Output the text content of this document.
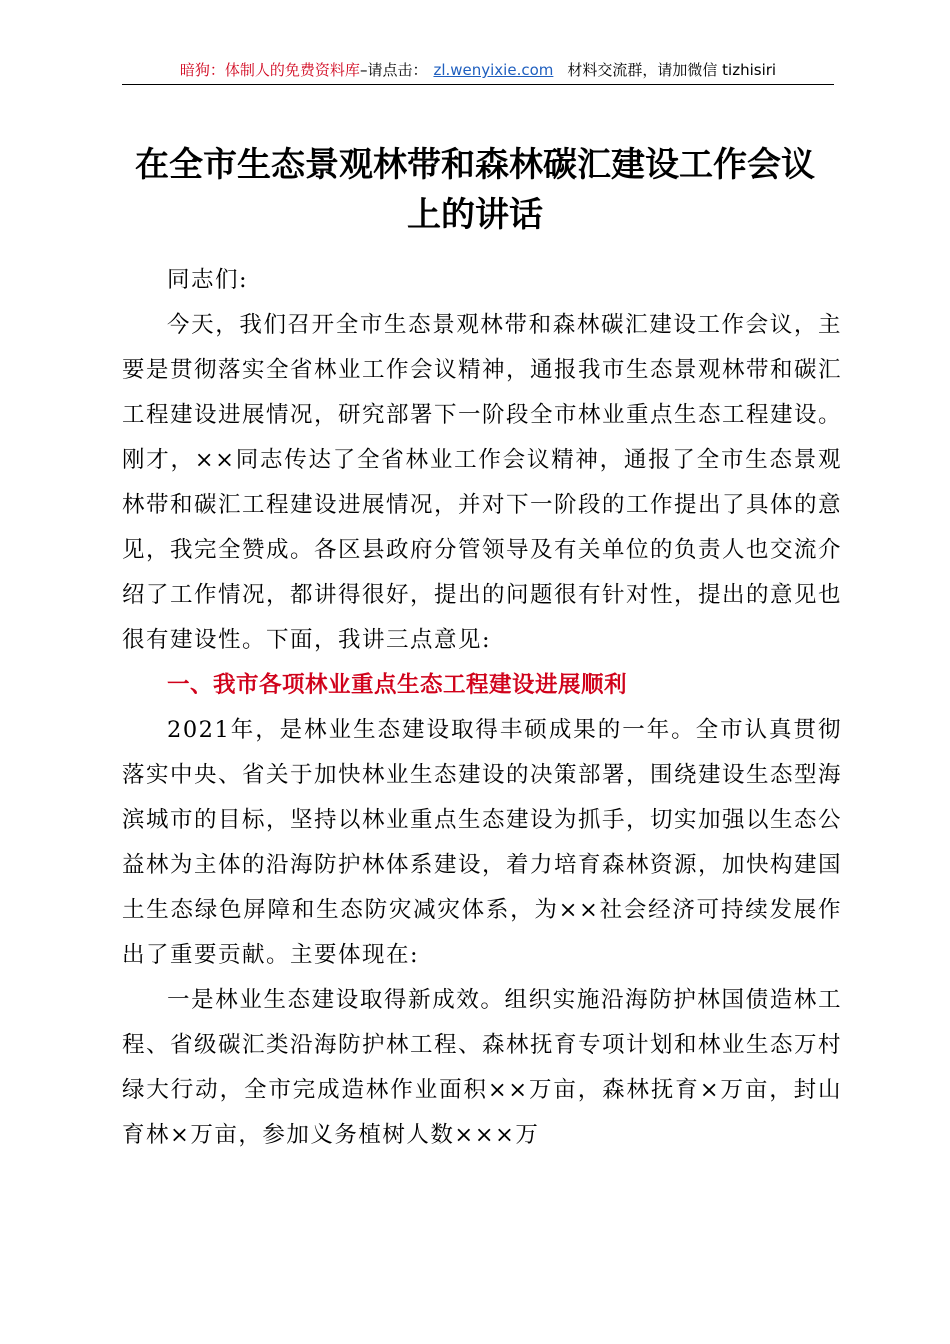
暗狗：体制人的免费资料库–请点击： zl.wenyixie.com 材料交流群，请加微信 tizhisiri
在全市生态景观林带和森林碳汇建设工作会议
上的讲话

同志们:

今天，我们召开全市生态景观林带和森林碳汇建设工作会议，主要是贯彻落实全省林业工作会议精神，通报我市生态景观林带和碳汇工程建设进展情况，研究部署下一阶段全市林业重点生态工程建设。刚才，××同志传达了全省林业工作会议精神，通报了全市生态景观林带和碳汇工程建设进展情况，并对下一阶段的工作提出了具体的意见，我完全赞成。各区县政府分管领导及有关单位的负责人也交流介绍了工作情况，都讲得很好，提出的问题很有针对性，提出的意见也很有建设性。下面，我讲三点意见:

一、我市各项林业重点生态工程建设进展顺利

2021年，是林业生态建设取得丰硕成果的一年。全市认真贯彻落实中央、省关于加快林业生态建设的决策部署，围绕建设生态型海滨城市的目标，坚持以林业重点生态建设为抓手，切实加强以生态公益林为主体的沿海防护林体系建设，着力培育森林资源，加快构建国土生态绿色屏障和生态防灾减灾体系，为××社会经济可持续发展作出了重要贡献。主要体现在:

一是林业生态建设取得新成效。组织实施沿海防护林国债造林工程、省级碳汇类沿海防护林工程、森林抚育专项计划和林业生态万村绿大行动，全市完成造林作业面积××万亩，森林抚育×万亩，封山育林×万亩，参加义务植树人数×××万
